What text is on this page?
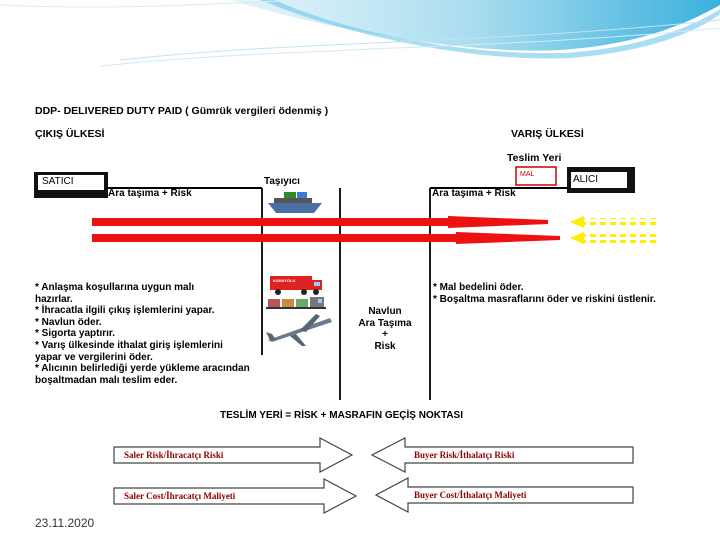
DDP- DELIVERED DUTY PAID ( Gümrük vergileri ödenmiş )
ÇIKIŞ ÜLKESİ	VARIŞ ÜLKESİ
Teslim Yeri
SATICI	ALICI
MAL
Taşıyıcı
KARAYOLU
Ara taşıma + Risk	Ara taşıma + Risk
Navlun
Ara Taşıma
+
Risk
* Anlaşma koşullarına uygun malı
hazırlar.
* İhracatla ilgili çıkış işlemlerini yapar.
* Navlun öder.
* Sigorta yaptırır.
* Varış ülkesinde ithalat giriş işlemlerini
yapar ve vergilerini öder.
* Alıcının belirlediği yerde yükleme aracından
boşaltmadan malı teslim eder.
* Mal bedelini öder.
* Boşaltma masraflarını öder ve riskini üstlenir.
TESLİM YERİ = RİSK + MASRAFIN GEÇİŞ NOKTASI
Saler Risk/İhracatçı Riski	Buyer Risk/İthalatçı Riski
Saler Cost/İhracatçı Maliyeti	Buyer Cost/İthalatçı Maliyeti
23.11.2020
